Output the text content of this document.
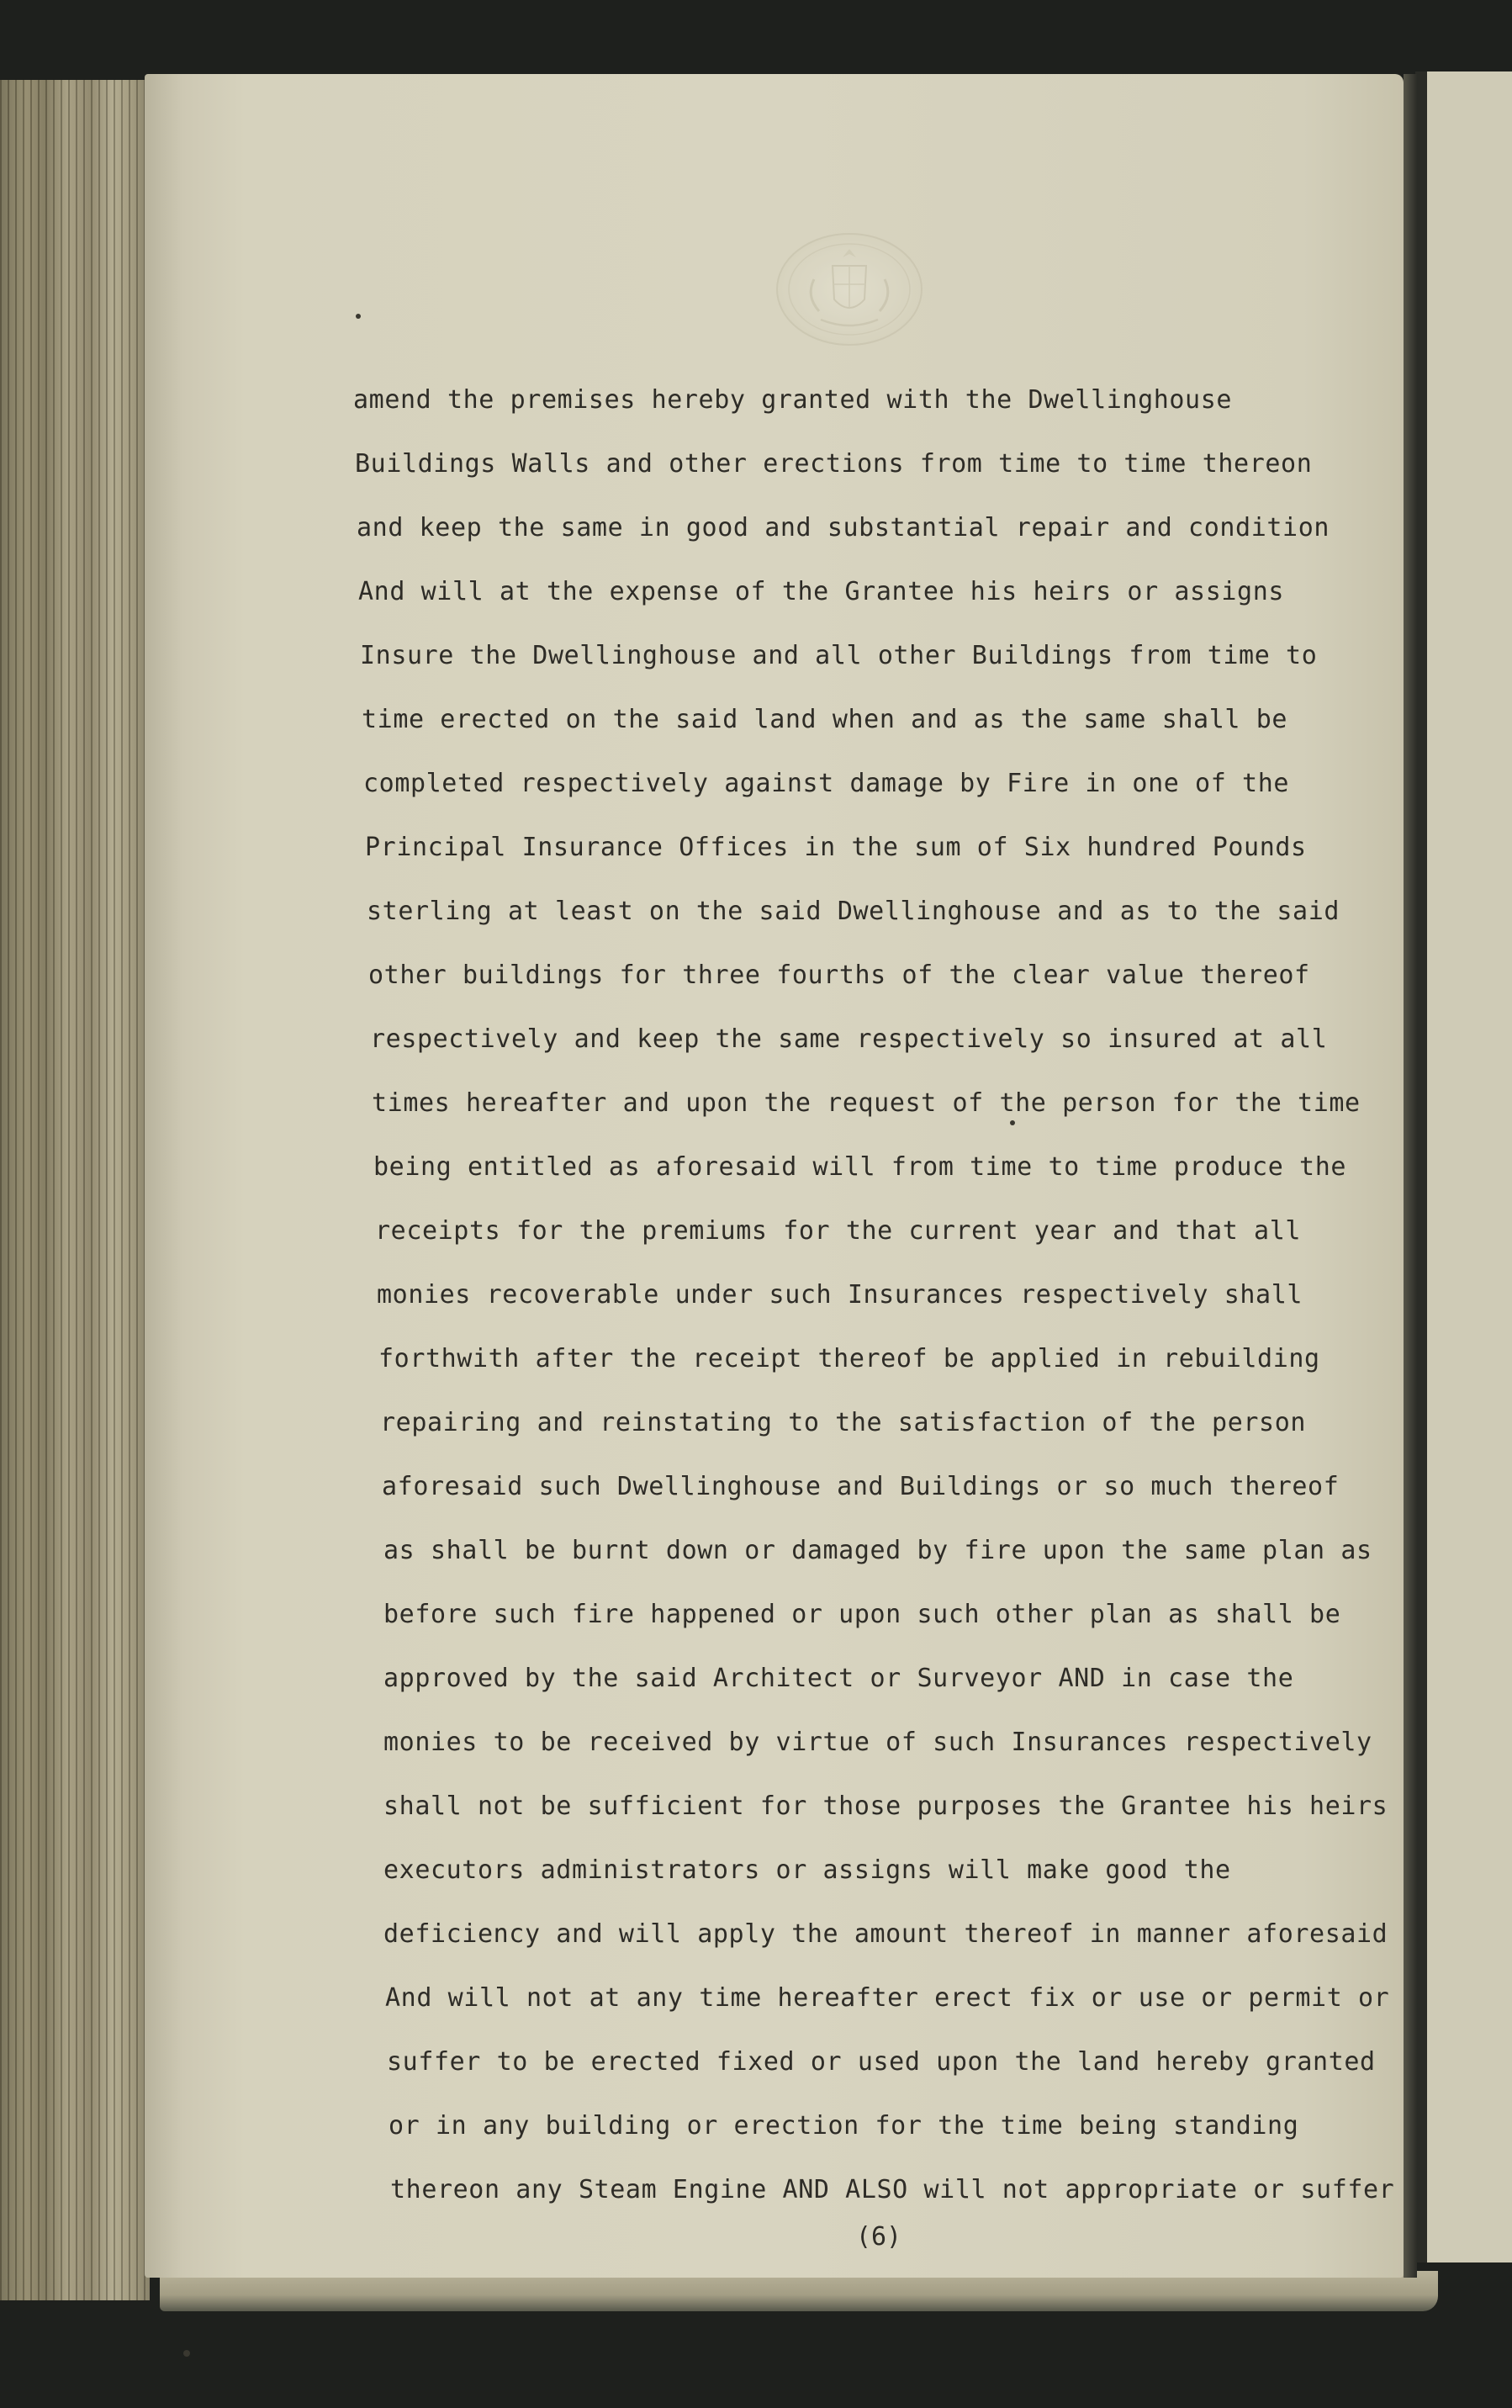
amend the premises hereby granted with the Dwellinghouse
Buildings Walls and other erections from time to time thereon
and keep the same in good and substantial repair and condition
And will at the expense of the Grantee his heirs or assigns
Insure the Dwellinghouse and all other Buildings from time to
time erected on the said land when and as the same shall be
completed respectively against damage by Fire in one of the
Principal Insurance Offices in the sum of Six hundred Pounds
sterling at least on the said Dwellinghouse and as to the said
other buildings for three fourths of the clear value thereof
respectively and keep the same respectively so insured at all
times hereafter and upon the request of the person for the time
being entitled as aforesaid will from time to time produce the
receipts for the premiums for the current year and that all
monies recoverable under such Insurances respectively shall
forthwith after the receipt thereof be applied in rebuilding
repairing and reinstating to the satisfaction of the person
aforesaid such Dwellinghouse and Buildings or so much thereof
as shall be burnt down or damaged by fire upon the same plan as
before such fire happened or upon such other plan as shall be
approved by the said Architect or Surveyor AND in case the
monies to be received by virtue of such Insurances respectively
shall not be sufficient for those purposes the Grantee his heirs
executors administrators or assigns will make good the
deficiency and will apply the amount thereof in manner aforesaid
And will not at any time hereafter erect fix or use or permit or
suffer to be erected fixed or used upon the land hereby granted
or in any building or erection for the time being standing
thereon any Steam Engine AND ALSO will not appropriate or suffer
(6)
